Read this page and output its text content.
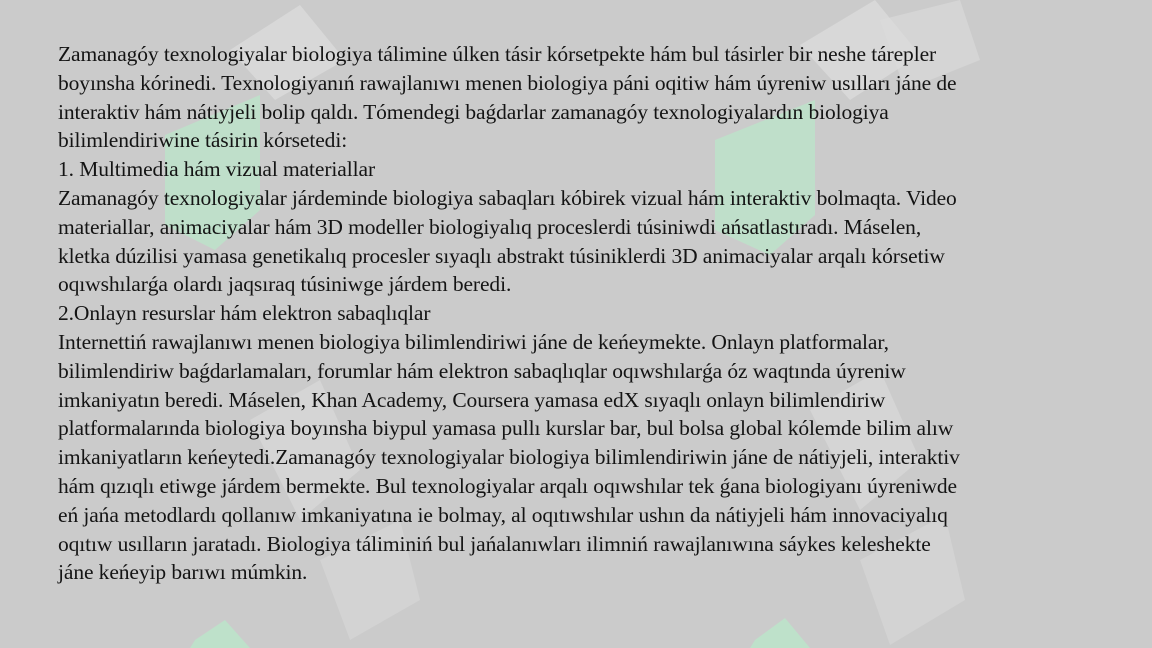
Zamanagóy texnologiyalar biologiya tálimine úlken tásir kórsetpekte hám bul tásirler bir neshe tárepler
boyınsha kórinedi. Texnologiyanıń rawajlanıwı menen biologiya páni oqitiw hám úyreniw usılları jáne de
interaktiv hám nátiyjeli bolip qaldı. Tómendegi baǵdarlar zamanagóy texnologiyalardın biologiya
bilimlendiriwine tásirin kórsetedi:
1. Multimedia hám vizual materiallar
Zamanagóy texnologiyalar járdeminde biologiya sabaqları kóbirek vizual hám interaktiv bolmaqta. Video
materiallar, animaciyalar hám 3D modeller biologiyalıq proceslerdi túsiniwdi ańsatlastıradı. Máselen,
kletka dúzilisi yamasa genetikalıq procesler sıyaqlı abstrakt túsiniklerdi 3D animaciyalar arqalı kórsetiw
oqıwshılarǵa olardı jaqsıraq túsiniwge járdem beredi.
2.Onlayn resurslar hám elektron sabaqlıqlar
Internettiń rawajlanıwı menen biologiya bilimlendiriwi jáne de keńeymekte. Onlayn platformalar,
bilimlendiriw baǵdarlamaları, forumlar hám elektron sabaqlıqlar oqıwshılarǵa óz waqtında úyreniw
imkaniyatın beredi. Máselen, Khan Academy, Coursera yamasa edX sıyaqlı onlayn bilimlendiriw
platformalarında biologiya boyınsha biypul yamasa pullı kurslar bar, bul bolsa global kólemde bilim alıw
imkaniyatların keńeytedi.Zamanagóy texnologiyalar biologiya bilimlendiriwin jáne de nátiyjeli, interaktiv
hám qızıqlı etiwge járdem bermekte. Bul texnologiyalar arqalı oqıwshılar tek ǵana biologiyanı úyreniwde
eń jańa metodlardı qollanıw imkaniyatına ie bolmay, al oqıtıwshılar ushın da nátiyjeli hám innovaciyalıq
oqıtıw usılların jaratadı. Biologiya táliminiń bul jańalanıwları ilimniń rawajlanıwına sáykes keleshekte
jáne keńeyip barıwı múmkin.
